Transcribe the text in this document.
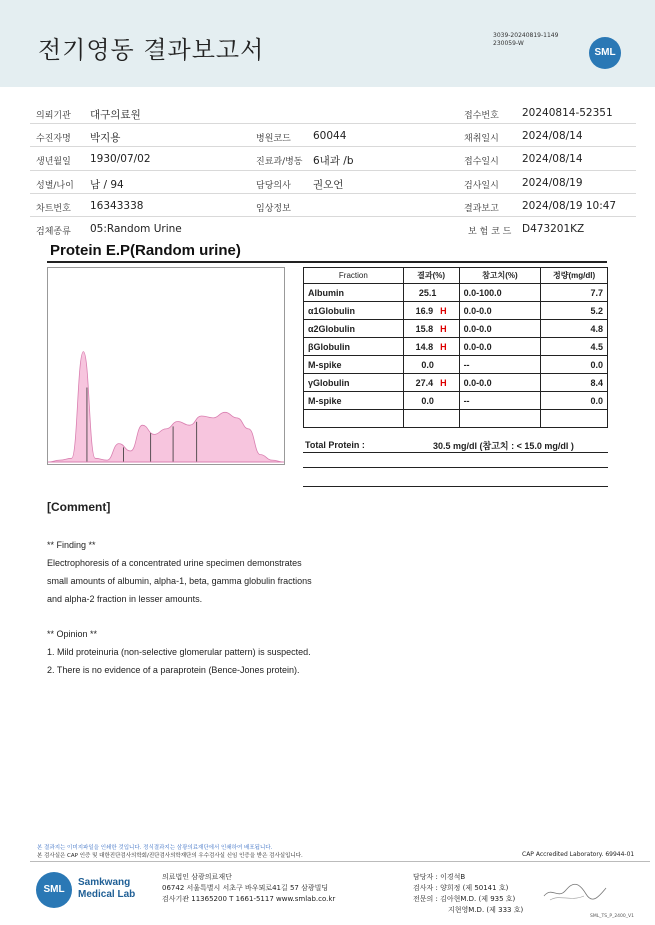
전기영동 결과보고서
3039-20240819-1149
230059-W
SML
의뢰기관 대구의료원	접수번호 20240814-52351
수진자명 박지용	병원코드 60044	채취일시 2024/08/14
생년월일 1930/07/02	진료과/병동 6내과 /b	접수일시 2024/08/14
성별/나이 남 / 94	담당의사 권오언	검사일시 2024/08/19
차트번호 16343338	임상정보	결과보고 2024/08/19 10:47
검체종류 05:Random Urine	보 험 코 드 D473201KZ
Protein E.P(Random urine)
Fraction	결과(%)	참고치(%)	정량(mg/dl)
Albumin	25.1	0.0-100.0	7.7
α1Globulin	16.9 H	0.0-0.0	5.2
α2Globulin	15.8 H	0.0-0.0	4.8
βGlobulin	14.8 H	0.0-0.0	4.5
M-spike	0.0	--	0.0
γGlobulin	27.4 H	0.0-0.0	8.4
M-spike	0.0	--	0.0

Total Protein :	30.5 mg/dl (참고치 : < 15.0 mg/dl )
[Comment]
** Finding **
Electrophoresis of a concentrated urine specimen demonstrates
small amounts of albumin, alpha-1, beta, gamma globulin fractions
and alpha-2 fraction in lesser amounts.
** Opinion **
1. Mild proteinuria (non-selective glomerular pattern) is suspected.
2. There is no evidence of a paraprotein (Bence-Jones protein).
본 결과지는 이미지파일을 인쇄한 것입니다. 정식결과지는 삼광의료재단에서 인쇄하여 배포됩니다.
본 검사실은 CAP 인증 및 대한진단검사의학회/진단검사의학재단의 우수검사실 신임 인증을 받은 검사실입니다.	CAP Accredited Laboratory. 69944-01
SML
Samkwang
Medical Lab
의료법인 삼광의료재단
06742 서울특별시 서초구 바우뫼로41길 57 삼광빌딩
검사기관 11365200 T 1661-5117 www.smlab.co.kr
담당자 : 이경석B
검사자 : 양희정 (제 50141 호)
전문의 : 김아현M.D. (제 935 호)
지현영M.D. (제 333 호)
SML_TS_P_2400_V1
